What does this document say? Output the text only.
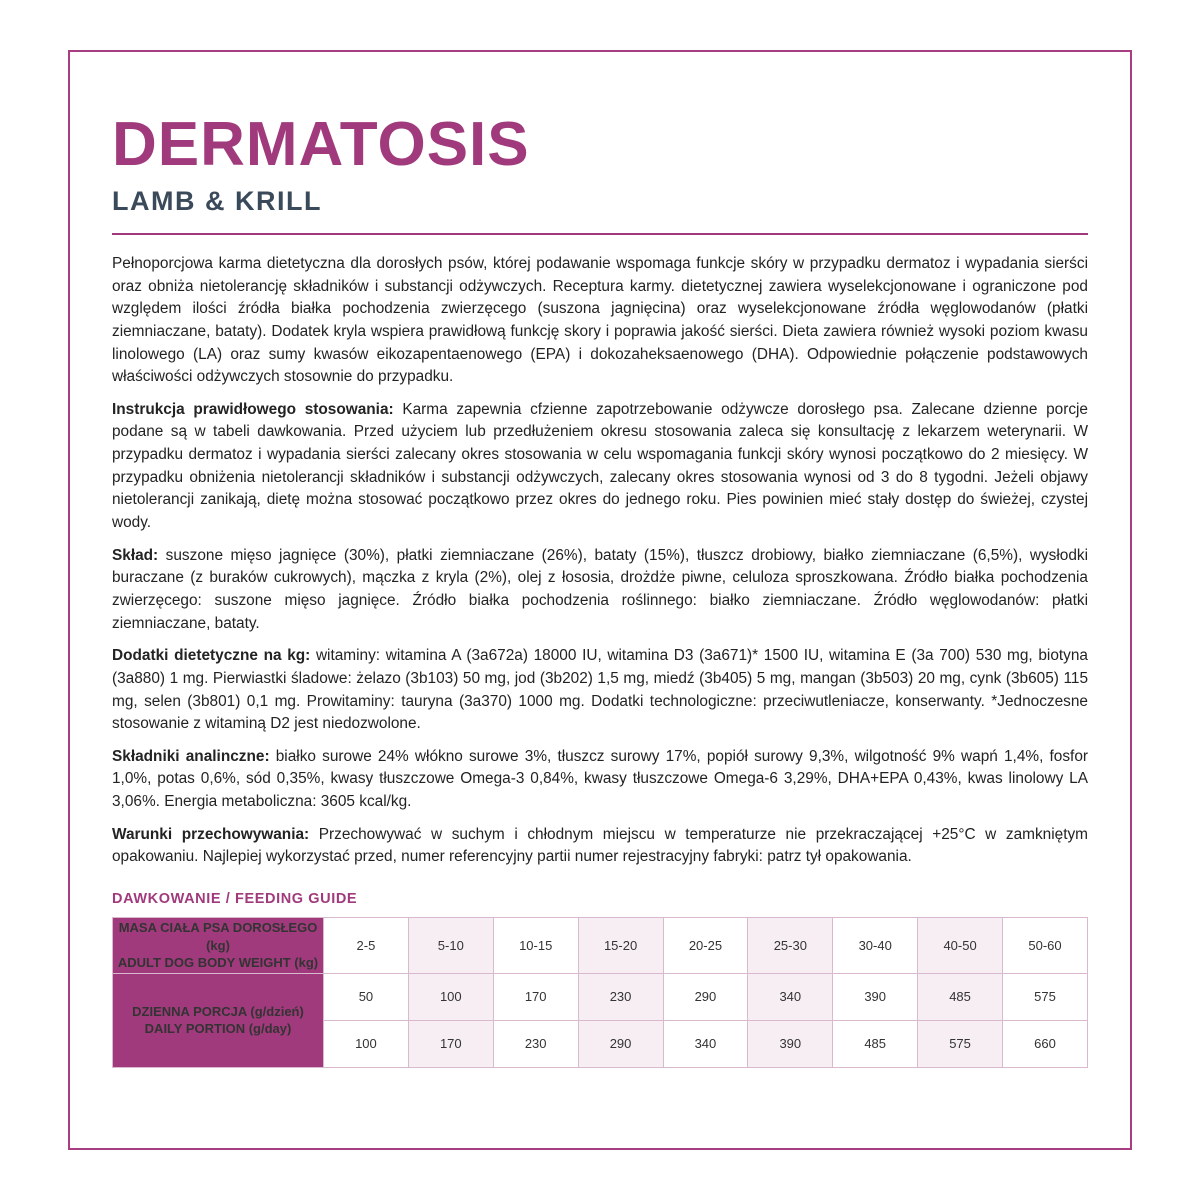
DERMATOSIS
LAMB & KRILL

Pełnoporcjowa karma dietetyczna dla dorosłych psów, której podawanie wspomaga funkcje skóry w przypadku dermatoz i wypadania sierści oraz obniża nietolerancję składników i substancji odżywczych. Receptura karmy. dietetycznej zawiera wyselekcjonowane i ograniczone pod względem ilości źródła białka pochodzenia zwierzęcego (suszona jagnięcina) oraz wyselekcjonowane źródła węglowodanów (płatki ziemniaczane, bataty). Dodatek kryla wspiera prawidłową funkcję skory i poprawia jakość sierści. Dieta zawiera również wysoki poziom kwasu linolowego (LA) oraz sumy kwasów eikozapentaenowego (EPA) i dokozaheksaenowego (DHA). Odpowiednie połączenie podstawowych właściwości odżywczych stosownie do przypadku.

Instrukcja prawidłowego stosowania: Karma zapewnia cfzienne zapotrzebowanie odżywcze dorosłego psa. Zalecane dzienne porcje podane są w tabeli dawkowania. Przed użyciem lub przedłużeniem okresu stosowania zaleca się konsultację z lekarzem weterynarii. W przypadku dermatoz i wypadania sierści zalecany okres stosowania w celu wspomagania funkcji skóry wynosi początkowo do 2 miesięcy. W przypadku obniżenia nietolerancji składników i substancji odżywczych, zalecany okres stosowania wynosi od 3 do 8 tygodni. Jeżeli objawy nietolerancji zanikają, dietę można stosować początkowo przez okres do jednego roku. Pies powinien mieć stały dostęp do świeżej, czystej wody.

Skład: suszone mięso jagnięce (30%), płatki ziemniaczane (26%), bataty (15%), tłuszcz drobiowy, białko ziemniaczane (6,5%), wysłodki buraczane (z buraków cukrowych), mączka z kryla (2%), olej z łososia, drożdże piwne, celuloza sproszkowana. Źródło białka pochodzenia zwierzęcego: suszone mięso jagnięce. Źródło białka pochodzenia roślinnego: białko ziemniaczane. Źródło węglowodanów: płatki ziemniaczane, bataty.

Dodatki dietetyczne na kg: witaminy: witamina A (3a672a) 18000 IU, witamina D3 (3a671)* 1500 IU, witamina E (3a 700) 530 mg, biotyna (3a880) 1 mg. Pierwiastki śladowe: żelazo (3b103) 50 mg, jod (3b202) 1,5 mg, miedź (3b405) 5 mg, mangan (3b503) 20 mg, cynk (3b605) 115 mg, selen (3b801) 0,1 mg. Prowitaminy: tauryna (3a370) 1000 mg. Dodatki technologiczne: przeciwutleniacze, konserwanty. *Jednoczesne stosowanie z witaminą D2 jest niedozwolone.

Składniki analinczne: białko surowe 24% włókno surowe 3%, tłuszcz surowy 17%, popiół surowy 9,3%, wilgotność 9% wapń 1,4%, fosfor 1,0%, potas 0,6%, sód 0,35%, kwasy tłuszczowe Omega-3 0,84%, kwasy tłuszczowe Omega-6 3,29%, DHA+EPA 0,43%, kwas linolowy LA 3,06%. Energia metaboliczna: 3605 kcal/kg.

Warunki przechowywania: Przechowywać w suchym i chłodnym miejscu w temperaturze nie przekraczającej +25°C w zamkniętym opakowaniu. Najlepiej wykorzystać przed, numer referencyjny partii numer rejestracyjny fabryki: patrz tył opakowania.

DAWKOWANIE / FEEDING GUIDE
MASA CIAŁA PSA DOROSŁEGO (kg)
ADULT DOG BODY WEIGHT (kg)	2-5	5-10	10-15	15-20	20-25	25-30	30-40	40-50	50-60

DZIENNA PORCJA (g/dzień)
DAILY PORTION (g/day)	50	100	170	230	290	340	390	485	575
	100	170	230	290	340	390	485	575	660
